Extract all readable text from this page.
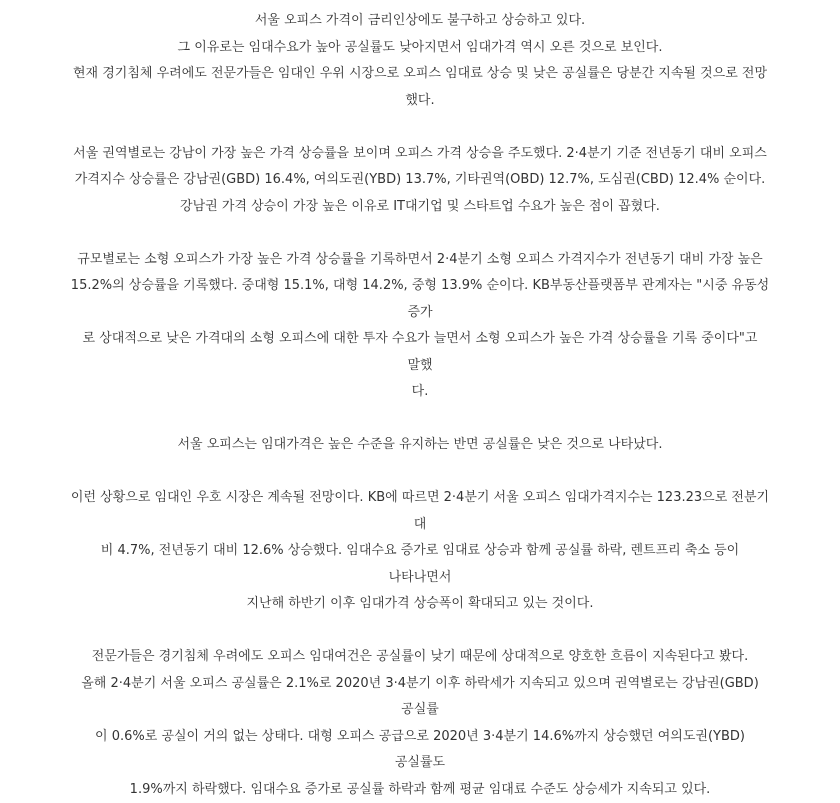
서울 오피스 가격이 금리인상에도 불구하고 상승하고 있다.

그 이유로는 임대수요가 높아 공실률도 낮아지면서 임대가격 역시 오른 것으로 보인다.

현재 경기침체 우려에도 전문가들은 임대인 우위 시장으로 오피스 임대료 상승 및 낮은 공실률은 당분간 지속될 것으로 전망

했다.

서울 권역별로는 강남이 가장 높은 가격 상승률을 보이며 오피스 가격 상승을 주도했다. 2·4분기 기준 전년동기 대비 오피스

가격지수 상승률은 강남권(GBD) 16.4%, 여의도권(YBD) 13.7%, 기타권역(OBD) 12.7%, 도심권(CBD) 12.4% 순이다.

강남권 가격 상승이 가장 높은 이유로 IT대기업 및 스타트업 수요가 높은 점이 꼽혔다.

규모별로는 소형 오피스가 가장 높은 가격 상승률을 기록하면서 2·4분기 소형 오피스 가격지수가 전년동기 대비 가장 높은

15.2%의 상승률을 기록했다. 중대형 15.1%, 대형 14.2%, 중형 13.9% 순이다. KB부동산플랫폼부 관계자는 "시중 유동성 증가

로 상대적으로 낮은 가격대의 소형 오피스에 대한 투자 수요가 늘면서 소형 오피스가 높은 가격 상승률을 기록 중이다"고 말했

다.

서울 오피스는 임대가격은 높은 수준을 유지하는 반면 공실률은 낮은 것으로 나타났다.

이런 상황으로 임대인 우호 시장은 계속될 전망이다. KB에 따르면 2·4분기 서울 오피스 임대가격지수는 123.23으로 전분기 대

비 4.7%, 전년동기 대비 12.6% 상승했다. 임대수요 증가로 임대료 상승과 함께 공실률 하락, 렌트프리 축소 등이 나타나면서

지난해 하반기 이후 임대가격 상승폭이 확대되고 있는 것이다.

전문가들은 경기침체 우려에도 오피스 임대여건은 공실률이 낮기 때문에 상대적으로 양호한 흐름이 지속된다고 봤다.

올해 2·4분기 서울 오피스 공실률은 2.1%로 2020년 3·4분기 이후 하락세가 지속되고 있으며 권역별로는 강남권(GBD) 공실률

이 0.6%로 공실이 거의 없는 상태다. 대형 오피스 공급으로 2020년 3·4분기 14.6%까지 상승했던 여의도권(YBD) 공실률도

1.9%까지 하락했다. 임대수요 증가로 공실률 하락과 함께 평균 임대료 수준도 상승세가 지속되고 있다.
